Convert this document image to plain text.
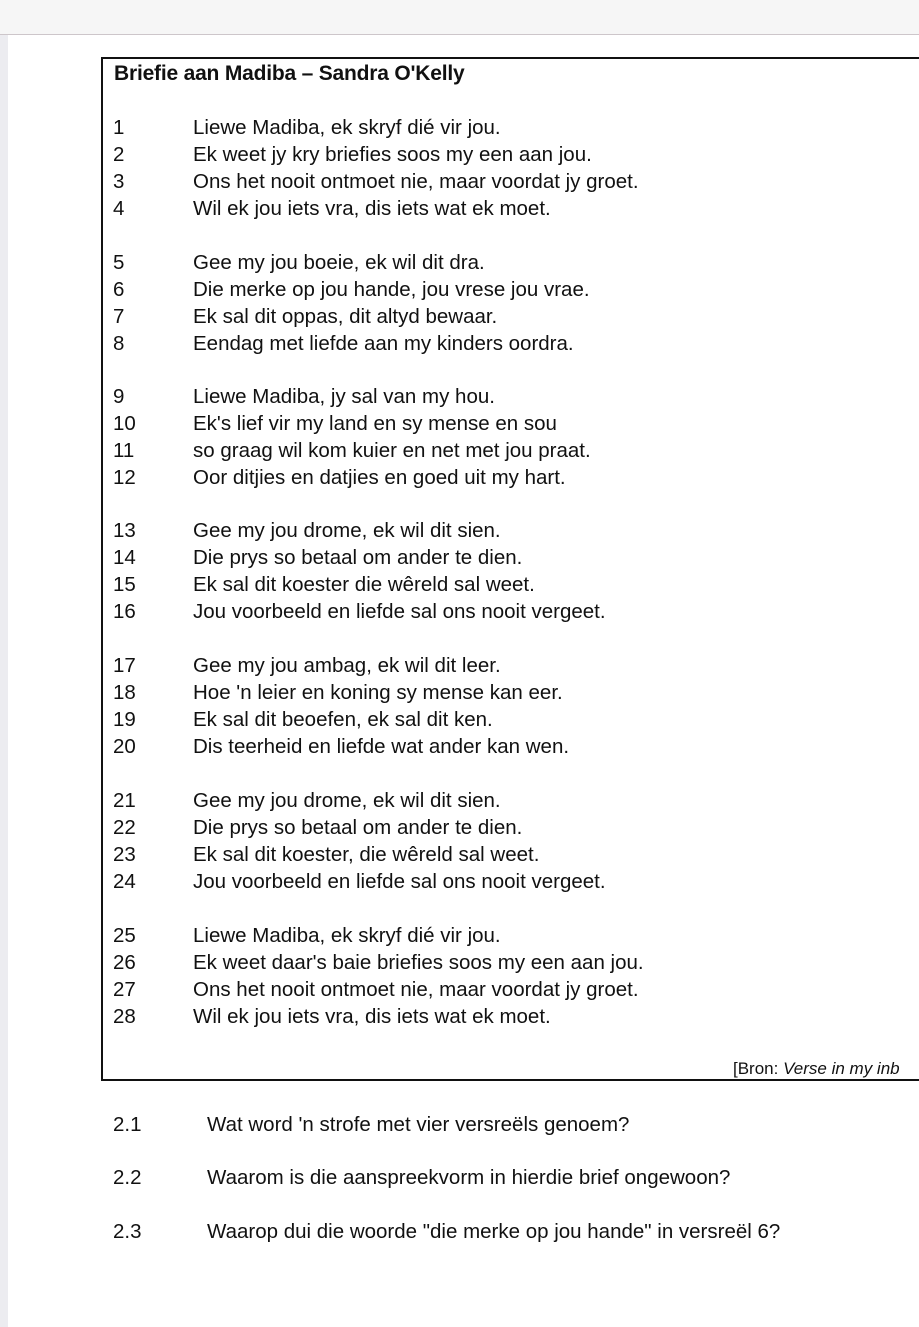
Briefie aan Madiba – Sandra O'Kelly
1	Liewe Madiba, ek skryf dié vir jou.
2	Ek weet jy kry briefies soos my een aan jou.
3	Ons het nooit ontmoet nie, maar voordat jy groet.
4	Wil ek jou iets vra, dis iets wat ek moet.
5	Gee my jou boeie, ek wil dit dra.
6	Die merke op jou hande, jou vrese jou vrae.
7	Ek sal dit oppas, dit altyd bewaar.
8	Eendag met liefde aan my kinders oordra.
9	Liewe Madiba, jy sal van my hou.
10	Ek's lief vir my land en sy mense en sou
11	so graag wil kom kuier en net met jou praat.
12	Oor ditjies en datjies en goed uit my hart.
13	Gee my jou drome, ek wil dit sien.
14	Die prys so betaal om ander te dien.
15	Ek sal dit koester die wêreld sal weet.
16	Jou voorbeeld en liefde sal ons nooit vergeet.
17	Gee my jou ambag, ek wil dit leer.
18	Hoe 'n leier en koning sy mense kan eer.
19	Ek sal dit beoefen, ek sal dit ken.
20	Dis teerheid en liefde wat ander kan wen.
21	Gee my jou drome, ek wil dit sien.
22	Die prys so betaal om ander te dien.
23	Ek sal dit koester, die wêreld sal weet.
24	Jou voorbeeld en liefde sal ons nooit vergeet.
25	Liewe Madiba, ek skryf dié vir jou.
26	Ek weet daar's baie briefies soos my een aan jou.
27	Ons het nooit ontmoet nie, maar voordat jy groet.
28	Wil ek jou iets vra, dis iets wat ek moet.
[Bron: Verse in my inb
2.1	Wat word 'n strofe met vier versreëls genoem?
2.2	Waarom is die aanspreekvorm in hierdie brief ongewoon?
2.3	Waarop dui die woorde "die merke op jou hande" in versreël 6?
